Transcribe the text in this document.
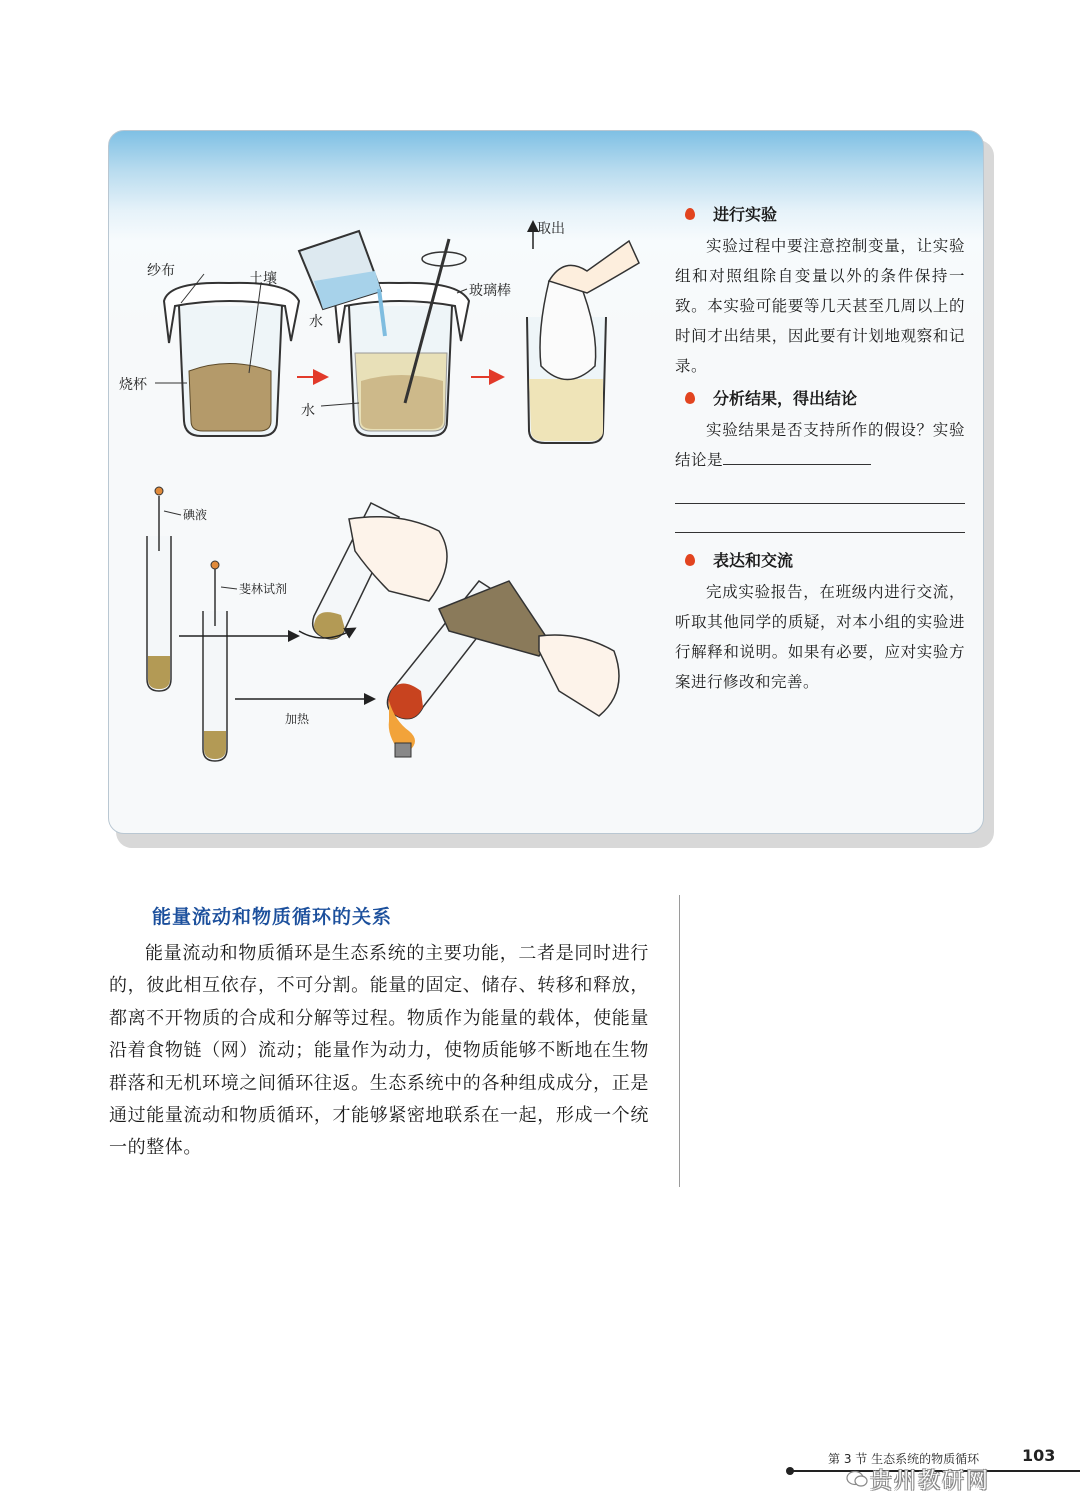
纱布	土壤
烧杯
水
玻璃棒
水
取出
碘液
斐林试剂
加热
进行实验
实验过程中要注意控制变量，让实验组和对照组除自变量以外的条件保持一致。本实验可能要等几天甚至几周以上的时间才出结果，因此要有计划地观察和记录。
分析结果，得出结论
实验结果是否支持所作的假设？实验结论是
表达和交流
完成实验报告，在班级内进行交流，听取其他同学的质疑，对本小组的实验进行解释和说明。如果有必要，应对实验方案进行修改和完善。
能量流动和物质循环的关系
能量流动和物质循环是生态系统的主要功能，二者是同时进行的，彼此相互依存，不可分割。能量的固定、储存、转移和释放，都离不开物质的合成和分解等过程。物质作为能量的载体，使能量沿着食物链（网）流动；能量作为动力，使物质能够不断地在生物群落和无机环境之间循环往返。生态系统中的各种组成成分，正是通过能量流动和物质循环，才能够紧密地联系在一起，形成一个统一的整体。
第 3 节 生态系统的物质循环	103
贵州教研网
